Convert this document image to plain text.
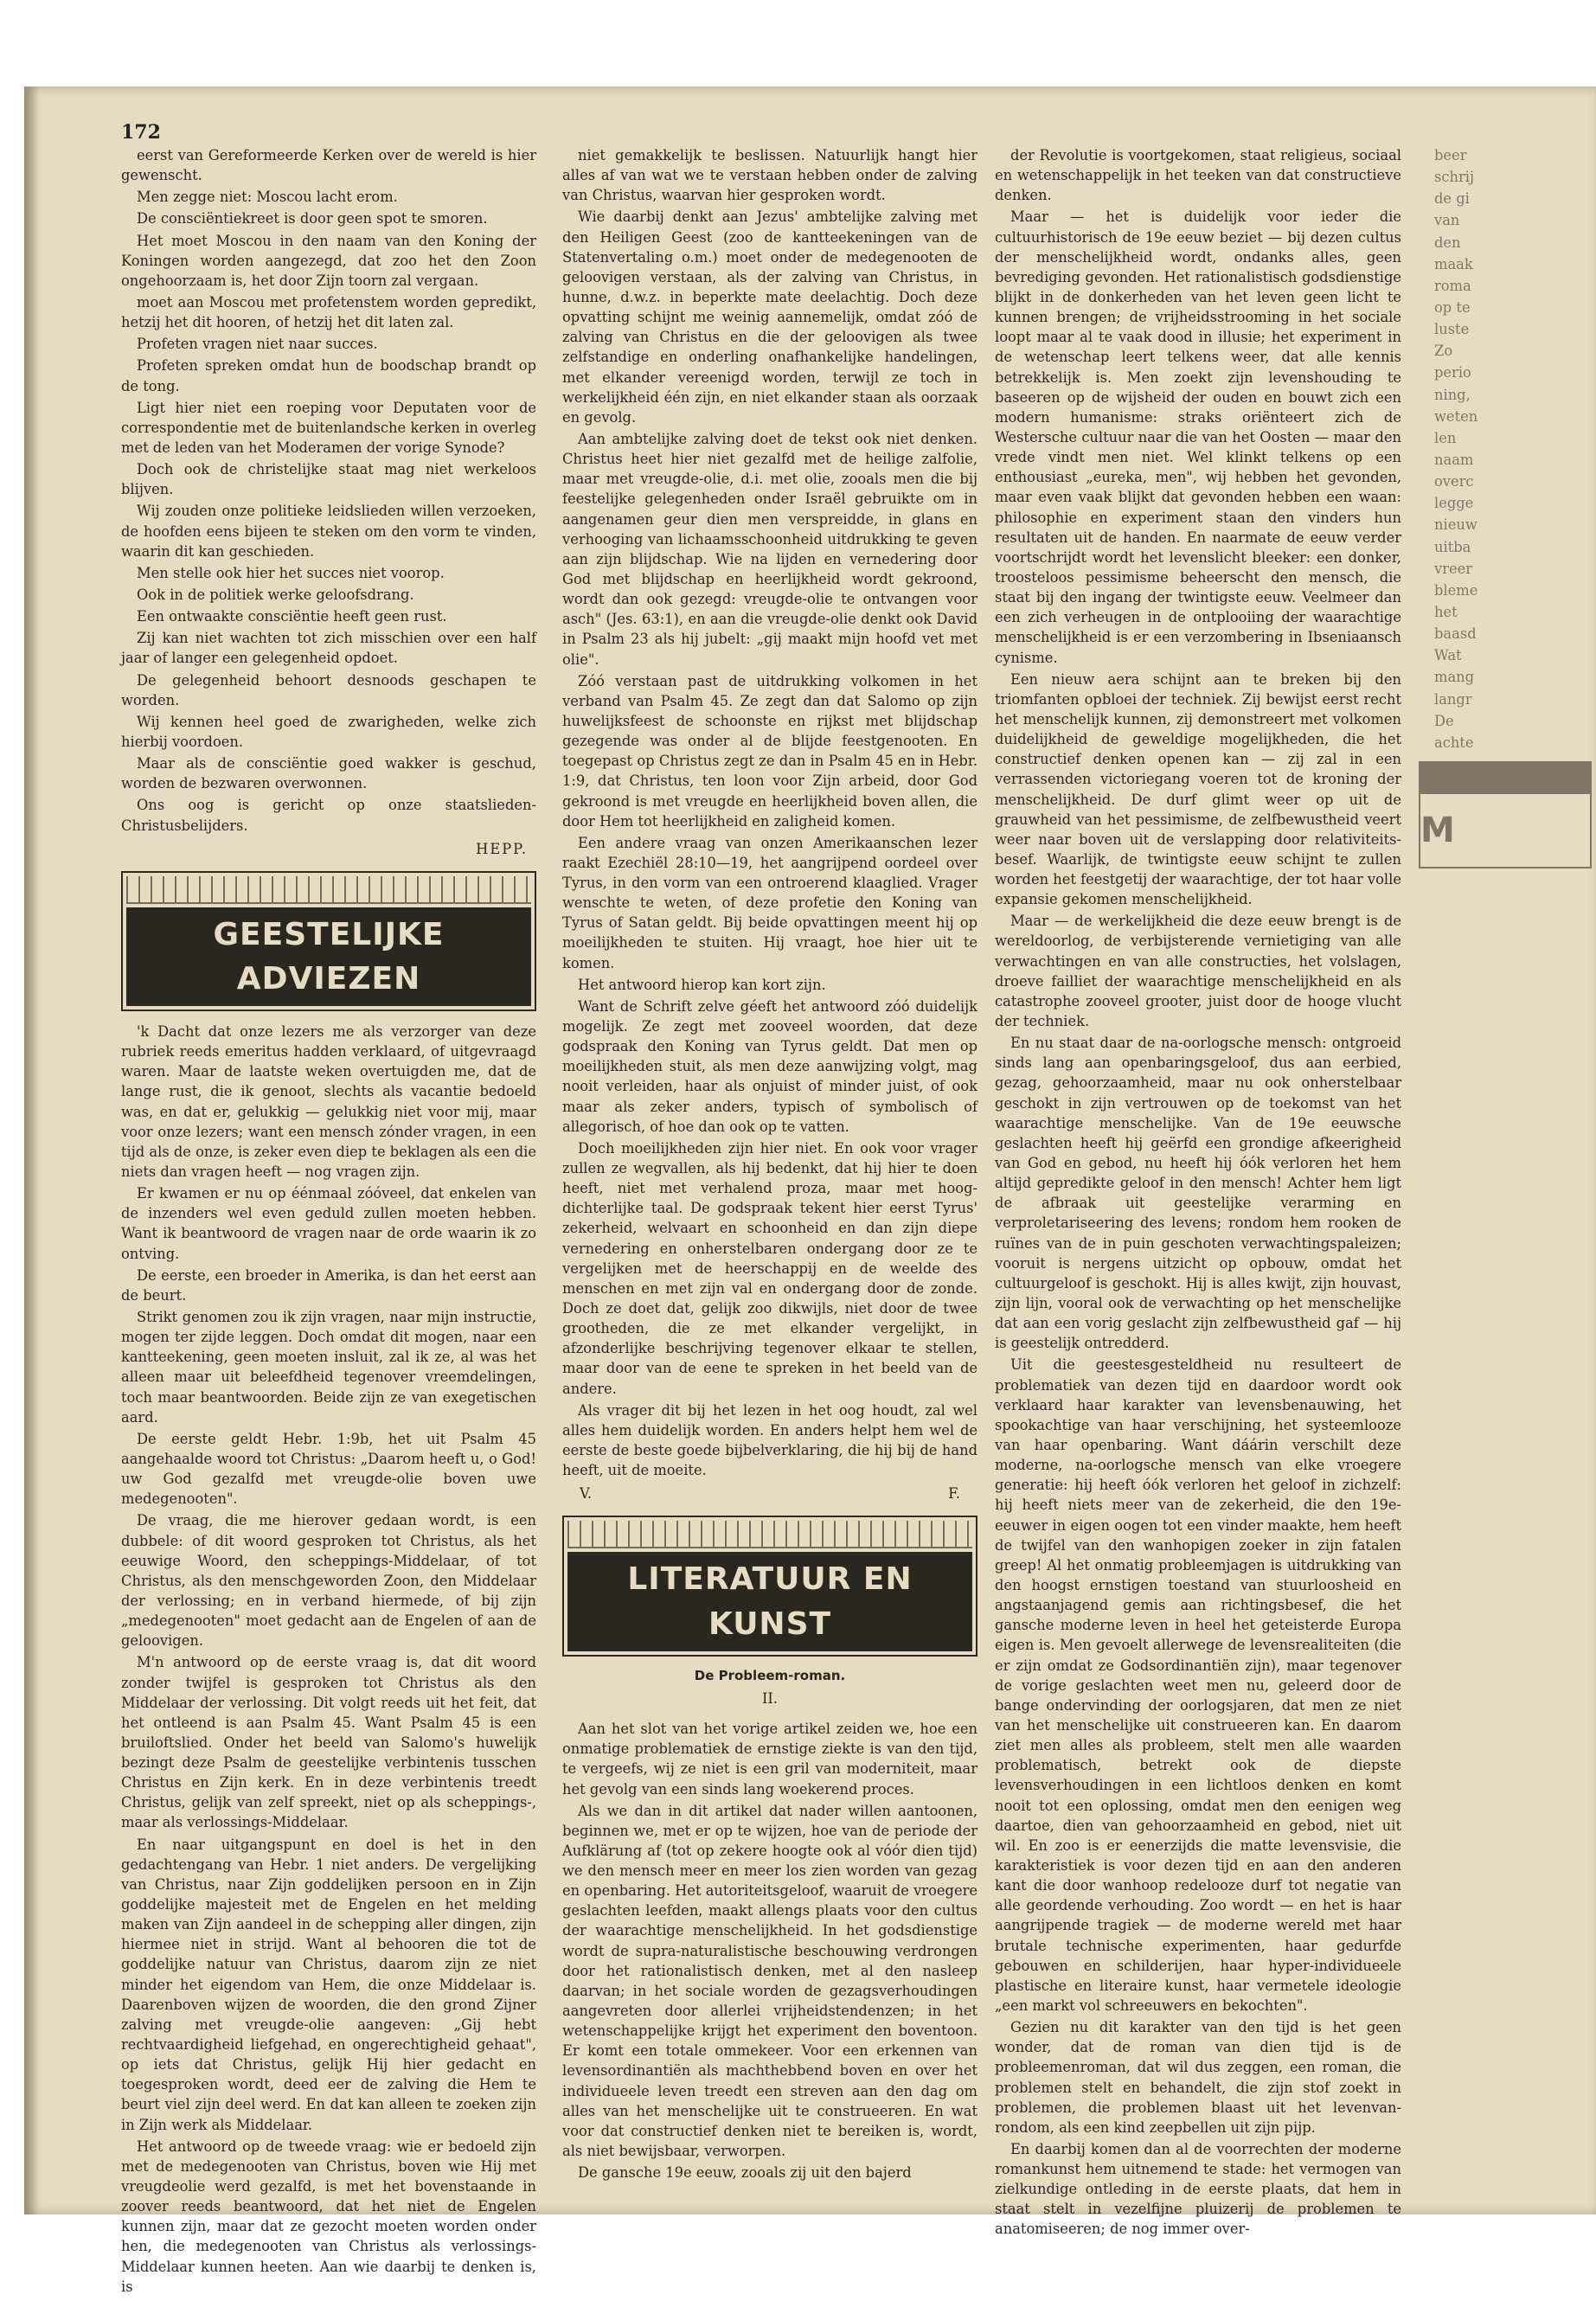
172

eerst van Gereformeerde Kerken over de wereld is hier gewenscht.

Men zegge niet: Moscou lacht erom.

De consciëntiekreet is door geen spot te smoren.

Het moet Moscou in den naam van den Koning der Koningen worden aangezegd, dat zoo het den Zoon ongehoorzaam is, het door Zijn toorn zal vergaan.

moet aan Moscou met profetenstem worden gepredikt, hetzij het dit hooren, of hetzij het dit laten zal.

Profeten vragen niet naar succes.

Profeten spreken omdat hun de boodschap brandt op de tong.

Ligt hier niet een roeping voor Deputaten voor de correspondentie met de buitenlandsche kerken in overleg met de leden van het Moderamen der vorige Synode?

Doch ook de christelijke staat mag niet werkeloos blijven.

Wij zouden onze politieke leidslieden willen verzoeken, de hoofden eens bijeen te steken om den vorm te vinden, waarin dit kan geschieden.

Men stelle ook hier het succes niet voorop.

Ook in de politiek werke geloofsdrang.

Een ontwaakte consciëntie heeft geen rust.

Zij kan niet wachten tot zich misschien over een half jaar of langer een gelegenheid opdoet.

De gelegenheid behoort desnoods geschapen te worden.

Wij kennen heel goed de zwarigheden, welke zich hierbij voordoen.

Maar als de consciëntie goed wakker is geschud, worden de bezwaren overwonnen.

Ons oog is gericht op onze staatslieden-Christusbelijders.

HEPP.
GEESTELIJKE ADVIEZEN

'k Dacht dat onze lezers me als verzorger van deze rubriek reeds emeritus hadden verklaard, of uitgevraagd waren. Maar de laatste weken overtuigden me, dat de lange rust, die ik genoot, slechts als vacantie bedoeld was, en dat er, gelukkig — gelukkig niet voor mij, maar voor onze lezers; want een mensch zónder vragen, in een tijd als de onze, is zeker even diep te beklagen als een die niets dan vragen heeft — nog vragen zijn.

Er kwamen er nu op éénmaal zóóveel, dat enkelen van de inzenders wel even geduld zullen moeten hebben. Want ik beantwoord de vragen naar de orde waarin ik zo ontving.

De eerste, een broeder in Amerika, is dan het eerst aan de beurt.

Strikt genomen zou ik zijn vragen, naar mijn instructie, mogen ter zijde leggen. Doch omdat dit mogen, naar een kantteekening, geen moeten insluit, zal ik ze, al was het alleen maar uit beleefdheid tegenover vreemdelingen, toch maar beantwoorden. Beide zijn ze van exegetischen aard.

De eerste geldt Hebr. 1:9b, het uit Psalm 45 aangehaalde woord tot Christus: „Daarom heeft u, o God! uw God gezalfd met vreugde-olie boven uwe medegenooten".

De vraag, die me hierover gedaan wordt, is een dubbele: of dit woord gesproken tot Christus, als het eeuwige Woord, den scheppings-Middelaar, of tot Christus, als den menschgeworden Zoon, den Middelaar der verlossing; en in verband hiermede, of bij zijn „medegenooten" moet gedacht aan de Engelen of aan de geloovigen.

M'n antwoord op de eerste vraag is, dat dit woord zonder twijfel is gesproken tot Christus als den Middelaar der verlossing. Dit volgt reeds uit het feit, dat het ontleend is aan Psalm 45. Want Psalm 45 is een bruiloftslied. Onder het beeld van Salomo's huwelijk bezingt deze Psalm de geestelijke verbintenis tusschen Christus en Zijn kerk. En in deze verbintenis treedt Christus, gelijk van zelf spreekt, niet op als scheppings-, maar als verlossings-Middelaar.

En naar uitgangspunt en doel is het in den gedachtengang van Hebr. 1 niet anders. De vergelijking van Christus, naar Zijn goddelijken persoon en in Zijn goddelijke majesteit met de Engelen en het melding maken van Zijn aandeel in de schepping aller dingen, zijn hiermee niet in strijd. Want al behooren die tot de goddelijke natuur van Christus, daarom zijn ze niet minder het eigendom van Hem, die onze Middelaar is. Daarenboven wijzen de woorden, die den grond Zijner zalving met vreugde-olie aangeven: „Gij hebt rechtvaardigheid liefgehad, en ongerechtigheid gehaat", op iets dat Christus, gelijk Hij hier gedacht en toegesproken wordt, deed eer de zalving die Hem te beurt viel zijn deel werd. En dat kan alleen te zoeken zijn in Zijn werk als Middelaar.

Het antwoord op de tweede vraag: wie er bedoeld zijn met de medegenooten van Christus, boven wie Hij met vreugdeolie werd gezalfd, is met het bovenstaande in zoover reeds beantwoord, dat het niet de Engelen kunnen zijn, maar dat ze gezocht moeten worden onder hen, die medegenooten van Christus als verlossings-Middelaar kunnen heeten. Aan wie daarbij te denken is, is

niet gemakkelijk te beslissen. Natuurlijk hangt hier alles af van wat we te verstaan hebben onder de zalving van Christus, waarvan hier gesproken wordt.

Wie daarbij denkt aan Jezus' ambtelijke zalving met den Heiligen Geest (zoo de kantteekeningen van de Statenvertaling o.m.) moet onder de medegenooten de geloovigen verstaan, als der zalving van Christus, in hunne, d.w.z. in beperkte mate deelachtig. Doch deze opvatting schijnt me weinig aannemelijk, omdat zóó de zalving van Christus en die der geloovigen als twee zelfstandige en onderling onafhankelijke handelingen, met elkander vereenigd worden, terwijl ze toch in werkelijkheid één zijn, en niet elkander staan als oorzaak en gevolg.

Aan ambtelijke zalving doet de tekst ook niet denken. Christus heet hier niet gezalfd met de heilige zalfolie, maar met vreugde-olie, d.i. met olie, zooals men die bij feestelijke gelegenheden onder Israël gebruikte om in aangenamen geur dien men verspreidde, in glans en verhooging van lichaamsschoonheid uitdrukking te geven aan zijn blijdschap. Wie na lijden en vernedering door God met blijdschap en heerlijkheid wordt gekroond, wordt dan ook gezegd: vreugde-olie te ontvangen voor asch" (Jes. 63:1), en aan die vreugde-olie denkt ook David in Psalm 23 als hij jubelt: „gij maakt mijn hoofd vet met olie".

Zóó verstaan past de uitdrukking volkomen in het verband van Psalm 45. Ze zegt dan dat Salomo op zijn huwelijksfeest de schoonste en rijkst met blijdschap gezegende was onder al de blijde feestgenooten. En toegepast op Christus zegt ze dan in Psalm 45 en in Hebr. 1:9, dat Christus, ten loon voor Zijn arbeid, door God gekroond is met vreugde en heerlijkheid boven allen, die door Hem tot heerlijkheid en zaligheid komen.

Een andere vraag van onzen Amerikaanschen lezer raakt Ezechiël 28:10—19, het aangrijpend oordeel over Tyrus, in den vorm van een ontroerend klaaglied. Vrager wenschte te weten, of deze profetie den Koning van Tyrus of Satan geldt. Bij beide opvattingen meent hij op moeilijkheden te stuiten. Hij vraagt, hoe hier uit te komen.

Het antwoord hierop kan kort zijn.

Want de Schrift zelve géeft het antwoord zóó duidelijk mogelijk. Ze zegt met zooveel woorden, dat deze godspraak den Koning van Tyrus geldt. Dat men op moeilijkheden stuit, als men deze aanwijzing volgt, mag nooit verleiden, haar als onjuist of minder juist, of ook maar als zeker anders, typisch of symbolisch of allegorisch, of hoe dan ook op te vatten.

Doch moeilijkheden zijn hier niet. En ook voor vrager zullen ze wegvallen, als hij bedenkt, dat hij hier te doen heeft, niet met verhalend proza, maar met hoog-dichterlijke taal. De godspraak tekent hier eerst Tyrus' zekerheid, welvaart en schoonheid en dan zijn diepe vernedering en onherstelbaren ondergang door ze te vergelijken met de heerschappij en de weelde des menschen en met zijn val en ondergang door de zonde. Doch ze doet dat, gelijk zoo dikwijls, niet door de twee grootheden, die ze met elkander vergelijkt, in afzonderlijke beschrijving tegenover elkaar te stellen, maar door van de eene te spreken in het beeld van de andere.

Als vrager dit bij het lezen in het oog houdt, zal wel alles hem duidelijk worden. En anders helpt hem wel de eerste de beste goede bijbelverklaring, die hij bij de hand heeft, uit de moeite.

V.	F.
LITERATUUR EN KUNST
De Probleem-roman.
II.

Aan het slot van het vorige artikel zeiden we, hoe een onmatige problematiek de ernstige ziekte is van den tijd, te vergeefs, wij ze niet is een gril van moderniteit, maar het gevolg van een sinds lang woekerend proces.

Als we dan in dit artikel dat nader willen aantoonen, beginnen we, met er op te wijzen, hoe van de periode der Aufklärung af (tot op zekere hoogte ook al vóór dien tijd) we den mensch meer en meer los zien worden van gezag en openbaring. Het autoriteitsgeloof, waaruit de vroegere geslachten leefden, maakt allengs plaats voor den cultus der waarachtige menschelijkheid. In het godsdienstige wordt de supra-naturalistische beschouwing verdrongen door het rationalistisch denken, met al den nasleep daarvan; in het sociale worden de gezagsverhoudingen aangevreten door allerlei vrijheidstendenzen; in het wetenschappelijke krijgt het experiment den boventoon. Er komt een totale ommekeer. Voor een erkennen van levensordinantiën als machthebbend boven en over het individueele leven treedt een streven aan den dag om alles van het menschelijke uit te construeeren. En wat voor dat constructief denken niet te bereiken is, wordt, als niet bewijsbaar, verworpen.

De gansche 19e eeuw, zooals zij uit den bajerd

der Revolutie is voortgekomen, staat religieus, sociaal en wetenschappelijk in het teeken van dat constructieve denken.

Maar — het is duidelijk voor ieder die cultuurhistorisch de 19e eeuw beziet — bij dezen cultus der menschelijkheid wordt, ondanks alles, geen bevrediging gevonden. Het rationalistisch godsdienstige blijkt in de donkerheden van het leven geen licht te kunnen brengen; de vrijheidsstrooming in het sociale loopt maar al te vaak dood in illusie; het experiment in de wetenschap leert telkens weer, dat alle kennis betrekkelijk is. Men zoekt zijn levenshouding te baseeren op de wijsheid der ouden en bouwt zich een modern humanisme: straks oriënteert zich de Westersche cultuur naar die van het Oosten — maar den vrede vindt men niet. Wel klinkt telkens op een enthousiast „eureka, men", wij hebben het gevonden, maar even vaak blijkt dat gevonden hebben een waan: philosophie en experiment staan den vinders hun resultaten uit de handen. En naarmate de eeuw verder voortschrijdt wordt het levenslicht bleeker: een donker, troosteloos pessimisme beheerscht den mensch, die staat bij den ingang der twintigste eeuw. Veelmeer dan een zich verheugen in de ontplooiing der waarachtige menschelijkheid is er een verzombering in Ibseniaansch cynisme.

Een nieuw aera schijnt aan te breken bij den triomfanten opbloei der techniek. Zij bewijst eerst recht het menschelijk kunnen, zij demonstreert met volkomen duidelijkheid de geweldige mogelijkheden, die het constructief denken openen kan — zij zal in een verrassenden victoriegang voeren tot de kroning der menschelijkheid. De durf glimt weer op uit de grauwheid van het pessimisme, de zelfbewustheid veert weer naar boven uit de verslapping door relativiteits-besef. Waarlijk, de twintigste eeuw schijnt te zullen worden het feestgetij der waarachtige, der tot haar volle expansie gekomen menschelijkheid.

Maar — de werkelijkheid die deze eeuw brengt is de wereldoorlog, de verbijsterende vernietiging van alle verwachtingen en van alle constructies, het volslagen, droeve failliet der waarachtige menschelijkheid en als catastrophe zooveel grooter, juist door de hooge vlucht der techniek.

En nu staat daar de na-oorlogsche mensch: ontgroeid sinds lang aan openbaringsgeloof, dus aan eerbied, gezag, gehoorzaamheid, maar nu ook onherstelbaar geschokt in zijn vertrouwen op de toekomst van het waarachtige menschelijke. Van de 19e eeuwsche geslachten heeft hij geërfd een grondige afkeerigheid van God en gebod, nu heeft hij óók verloren het hem altijd gepredikte geloof in den mensch! Achter hem ligt de afbraak uit geestelijke verarming en verproletariseering des levens; rondom hem rooken de ruïnes van de in puin geschoten verwachtingspaleizen; vooruit is nergens uitzicht op opbouw, omdat het cultuurgeloof is geschokt. Hij is alles kwijt, zijn houvast, zijn lijn, vooral ook de verwachting op het menschelijke dat aan een vorig geslacht zijn zelfbewustheid gaf — hij is geestelijk ontredderd.

Uit die geestesgesteldheid nu resulteert de problematiek van dezen tijd en daardoor wordt ook verklaard haar karakter van levensbenauwing, het spookachtige van haar verschijning, het systeemlooze van haar openbaring. Want dáárin verschilt deze moderne, na-oorlogsche mensch van elke vroegere generatie: hij heeft óók verloren het geloof in zichzelf: hij heeft niets meer van de zekerheid, die den 19e-eeuwer in eigen oogen tot een vinder maakte, hem heeft de twijfel van den wanhopigen zoeker in zijn fatalen greep! Al het onmatig probleemjagen is uitdrukking van den hoogst ernstigen toestand van stuurloosheid en angstaanjagend gemis aan richtingsbesef, die het gansche moderne leven in heel het geteisterde Europa eigen is. Men gevoelt allerwege de levensrealiteiten (die er zijn omdat ze Godsordinantiën zijn), maar tegenover de vorige geslachten weet men nu, geleerd door de bange ondervinding der oorlogsjaren, dat men ze niet van het menschelijke uit construeeren kan. En daarom ziet men alles als probleem, stelt men alle waarden problematisch, betrekt ook de diepste levensverhoudingen in een lichtloos denken en komt nooit tot een oplossing, omdat men den eenigen weg daartoe, dien van gehoorzaamheid en gebod, niet uit wil. En zoo is er eenerzijds die matte levensvisie, die karakteristiek is voor dezen tijd en aan den anderen kant die door wanhoop redelooze durf tot negatie van alle geordende verhouding. Zoo wordt — en het is haar aangrijpende tragiek — de moderne wereld met haar brutale technische experimenten, haar gedurfde gebouwen en schilderijen, haar hyper-individueele plastische en literaire kunst, haar vermetele ideologie „een markt vol schreeuwers en bekochten".

Gezien nu dit karakter van den tijd is het geen wonder, dat de roman van dien tijd is de probleemenroman, dat wil dus zeggen, een roman, die problemen stelt en behandelt, die zijn stof zoekt in problemen, die problemen blaast uit het levenvan-rondom, als een kind zeepbellen uit zijn pijp.

En daarbij komen dan al de voorrechten der moderne romankunst hem uitnemend te stade: het vermogen van zielkundige ontleding in de eerste plaats, dat hem in staat stelt in vezelfijne pluizerij de problemen te anatomiseeren; de nog immer over-

beer

schrij

de gi

van

den

maak

roma

op te

luste

Zo

perio

ning,

weten

len

naam

overc

legge

nieuw

uitba

vreer

bleme

het

baasd

Wat

mang

langr

De

achte

M
